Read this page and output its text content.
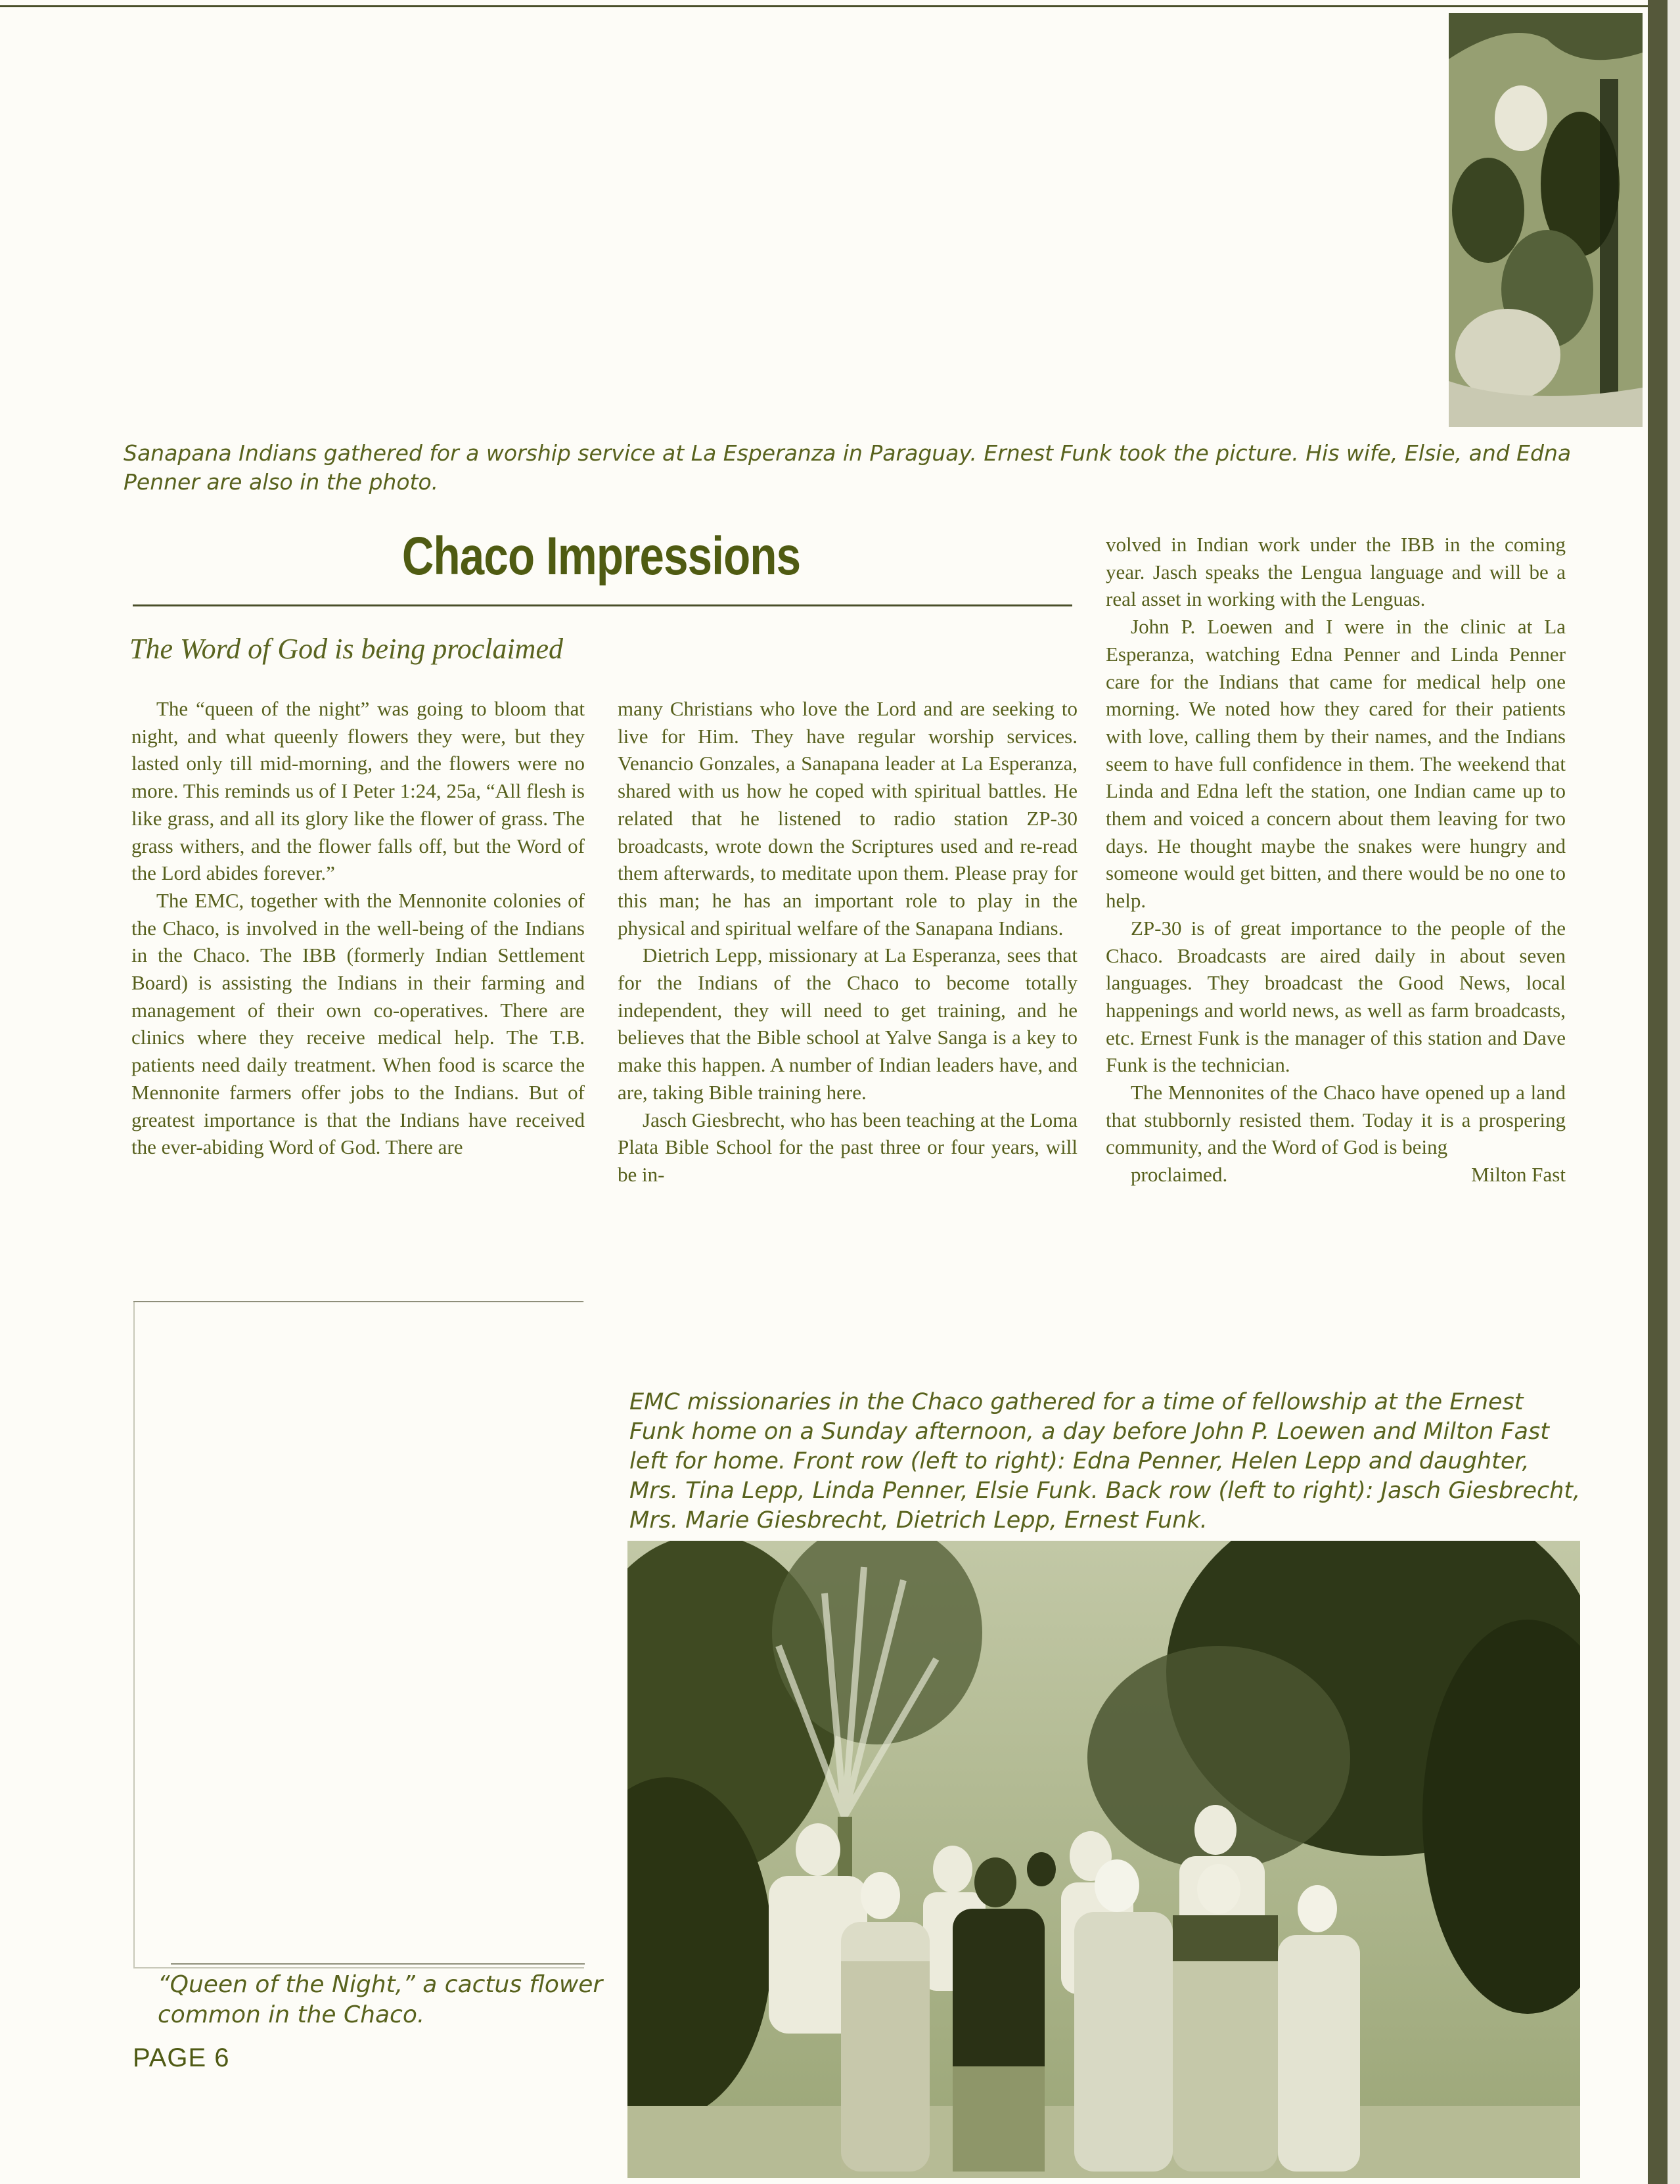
Sanapana Indians gathered for a worship service at La Esperanza in Paraguay. Ernest Funk took the picture. His wife, Elsie, and Edna Penner are also in the photo.
Chaco Impressions
The Word of God is being proclaimed

The “queen of the night” was going to bloom that night, and what queenly flowers they were, but they lasted only till mid-morning, and the flowers were no more. This reminds us of I Peter 1:24, 25a, “All flesh is like grass, and all its glory like the flower of grass. The grass withers, and the flower falls off, but the Word of the Lord abides forever.”

The EMC, together with the Mennonite colonies of the Chaco, is involved in the well-being of the Indians in the Chaco. The IBB (formerly Indian Settlement Board) is assisting the Indians in their farming and management of their own co-operatives. There are clinics where they receive medical help. The T.B. patients need daily treatment. When food is scarce the Mennonite farmers offer jobs to the Indians. But of greatest importance is that the Indians have received the ever-abiding Word of God. There are

many Christians who love the Lord and are seeking to live for Him. They have regular worship services. Venancio Gonzales, a Sanapana leader at La Esperanza, shared with us how he coped with spiritual battles. He related that he listened to radio station ZP-30 broadcasts, wrote down the Scriptures used and re-read them afterwards, to meditate upon them. Please pray for this man; he has an important role to play in the physical and spiritual welfare of the Sanapana Indians.

Dietrich Lepp, missionary at La Esperanza, sees that for the Indians of the Chaco to become totally independent, they will need to get training, and he believes that the Bible school at Yalve Sanga is a key to make this happen. A number of Indian leaders have, and are, taking Bible training here.

Jasch Giesbrecht, who has been teaching at the Loma Plata Bible School for the past three or four years, will be in-

volved in Indian work under the IBB in the coming year. Jasch speaks the Lengua language and will be a real asset in working with the Lenguas.

John P. Loewen and I were in the clinic at La Esperanza, watching Edna Penner and Linda Penner care for the Indians that came for medical help one morning. We noted how they cared for their patients with love, calling them by their names, and the Indians seem to have full confidence in them. The weekend that Linda and Edna left the station, one Indian came up to them and voiced a concern about them leaving for two days. He thought maybe the snakes were hungry and someone would get bitten, and there would be no one to help.

ZP-30 is of great importance to the people of the Chaco. Broadcasts are aired daily in about seven languages. They broadcast the Good News, local happenings and world news, as well as farm broadcasts, etc. Ernest Funk is the manager of this station and Dave Funk is the technician.

The Mennonites of the Chaco have opened up a land that stubbornly resisted them. Today it is a prospering community, and the Word of God is being

proclaimed.	Milton Fast

EMC missionaries in the Chaco gathered for a time of fellowship at the Ernest Funk home on a Sunday afternoon, a day before John P. Loewen and Milton Fast left for home. Front row (left to right): Edna Penner, Helen Lepp and daughter, Mrs. Tina Lepp, Linda Penner, Elsie Funk. Back row (left to right): Jasch Giesbrecht, Mrs. Marie Giesbrecht, Dietrich Lepp, Ernest Funk.
“Queen of the Night,” a cactus flower common in the Chaco.
PAGE 6
